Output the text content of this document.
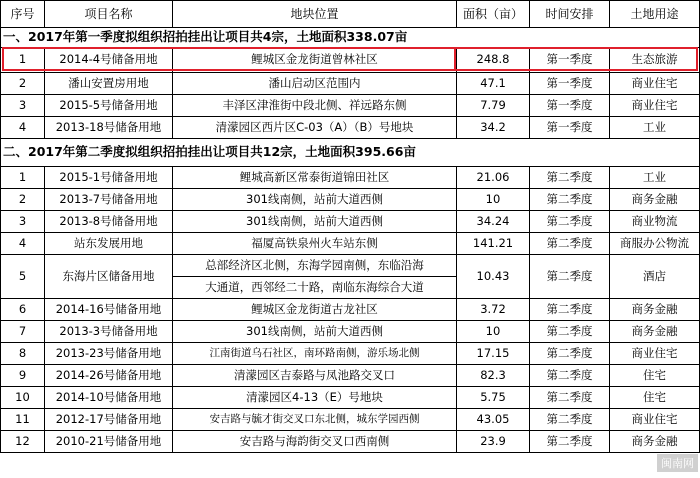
序号	项目名称	地块位置	面积（亩）	时间安排	土地用途
一、2017年第一季度拟组织招拍挂出让项目共4宗，土地面积338.07亩					
1	2014-4号储备用地	鲤城区金龙街道曾林社区	248.8	第一季度	生态旅游
2	潘山安置房用地	潘山启动区范围内	47.1	第一季度	商业住宅
3	2015-5号储备用地	丰泽区津淮街中段北侧、祥远路东侧	7.79	第一季度	商业住宅
4	2013-18号储备用地	清濛园区西片区C-03（A）（B）号地块	34.2	第一季度	工业
二、2017年第二季度拟组织招拍挂出让项目共12宗，土地面积395.66亩					
1	2015-1号储备用地	鲤城高新区常泰街道锦田社区	21.06	第二季度	工业
2	2013-7号储备用地	301线南侧，站前大道西侧	10	第二季度	商务金融
3	2013-8号储备用地	301线南侧，站前大道西侧	34.24	第二季度	商业物流
4	站东发展用地	福厦高铁泉州火车站东侧	141.21	第二季度	商服办公物流
5	东海片区储备用地	总部经济区北侧，东海学园南侧，东临沿海	10.43	第二季度	酒店
		大通道，西邻经二十路，南临东海综合大道			
6	2014-16号储备用地	鲤城区金龙街道古龙社区	3.72	第二季度	商务金融
7	2013-3号储备用地	301线南侧，站前大道西侧	10	第二季度	商务金融
8	2013-23号储备用地	江南街道乌石社区，南环路南侧，游乐场北侧	17.15	第二季度	商业住宅
9	2014-26号储备用地	清濛园区吉泰路与凤池路交叉口	82.3	第二季度	住宅
10	2014-10号储备用地	清濛园区4-13（E）号地块	5.75	第二季度	住宅
11	2012-17号储备用地	安吉路与毓才街交叉口东北侧，城东学园西侧	43.05	第二季度	商业住宅
12	2010-21号储备用地	安吉路与海韵街交叉口西南侧	23.9	第二季度	商务金融
闽南网
